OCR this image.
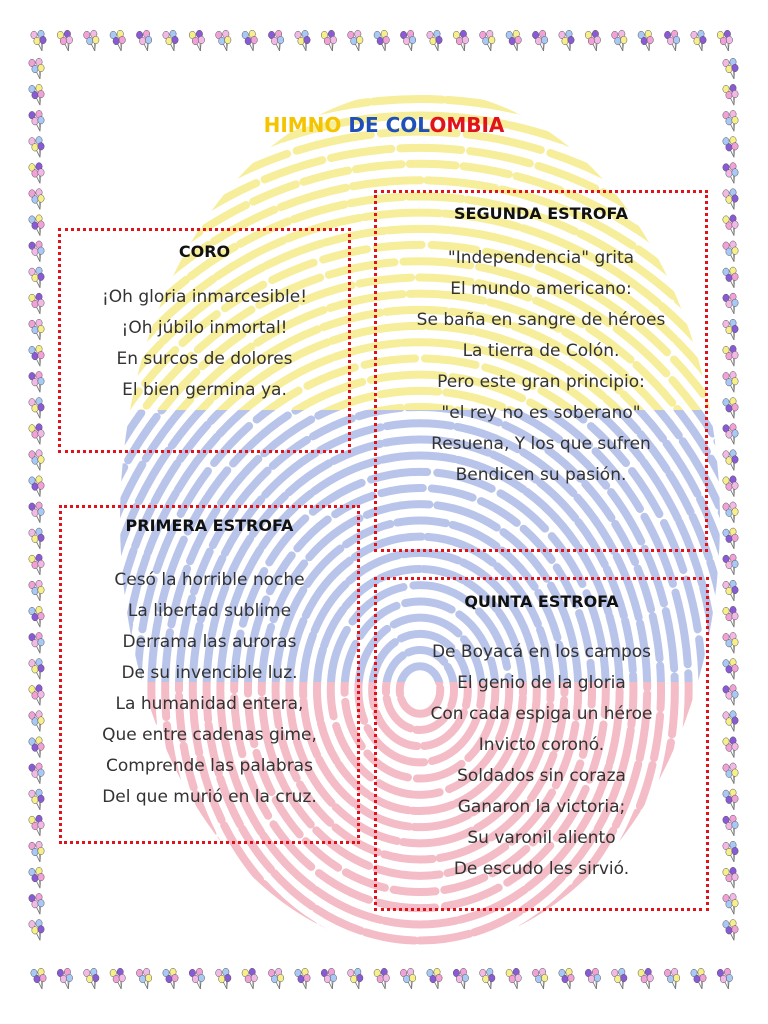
HIMNO DE COLOMBIA
CORO
¡Oh gloria inmarcesible!
¡Oh júbilo inmortal!
En surcos de dolores
El bien germina ya.
SEGUNDA ESTROFA
"Independencia" grita
El mundo americano:
Se baña en sangre de héroes
La tierra de Colón.
Pero este gran principio:
"el rey no es soberano"
Resuena, Y los que sufren
Bendicen su pasión.
PRIMERA ESTROFA
Cesó la horrible noche
La libertad sublime
Derrama las auroras
De su invencible luz.
La humanidad entera,
Que entre cadenas gime,
Comprende las palabras
Del que murió en la cruz.
QUINTA ESTROFA
De Boyacá en los campos
El genio de la gloria
Con cada espiga un héroe
Invicto coronó.
Soldados sin coraza
Ganaron la victoria;
Su varonil aliento
De escudo les sirvió.
